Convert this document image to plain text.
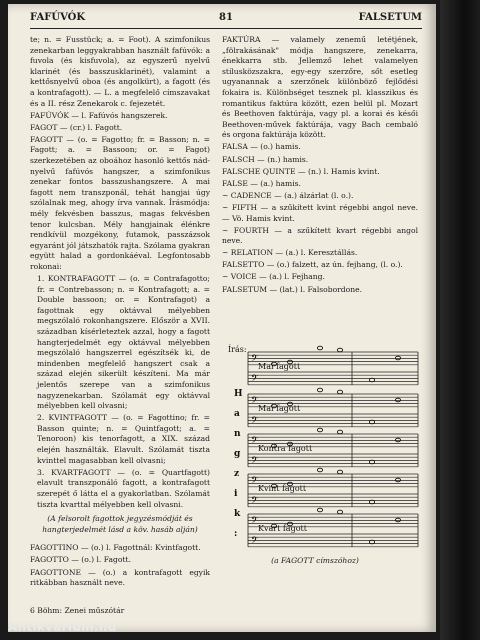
FAFÚVÓK	81	FALSETUM
te; n. = Fusstück; a. = Foot). A szimfonikus zenekarban leggyakrabban használt fafúvók: a fuvola (és kisfuvola), az egyszerű nyelvű klarinét (és basszusklarinét), valamint a kettősnyelvű oboa (és angolkürt), a fagott (és a kontrafagott). — L. a megfelelő címszavakat és a II. rész Zenekarok c. fejezetét.
FAFÚVÓK — l. Fafúvós hangszerek.
FAGOT — (cr.) l. Fagott.
FAGOTT — (o. = Fagotto; fr. = Basson; n. = Fagott; a. = Bassoon; or. = Fagot) szerkezetében az oboához hasonló kettős nád-nyelvű fafúvós hangszer, a szimfonikus zenekar fontos basszushangszere. A mai fagott nem transzponál, tehát hangjai úgy szólalnak meg, ahogy írva vannak. Írásmódja: mély fekvésben basszus, magas fekvésben tenor kulcsban. Mély hangjainak élénkre rendkívül mozgékony, futamok, passzázsok egyaránt jól játszhatók rajta. Szólama gyakran együtt halad a gordonkáéval. Legfontosabb rokonai:
1. KONTRAFAGOTT — (o. = Contrafagotto; fr. = Contrebasson; n. = Kontrafagott; a. = Double bassoon; or. = Kontrafagot) a fagottnak egy oktávval mélyebben megszólaló rokonhangszere. Először a XVII. században kísérleteztek azzal, hogy a fagott hangterjedelmét egy oktávval mélyebben megszólaló hangszerrel egészítsék ki, de mindenben megfelelő hangszert csak a század elején sikerült készíteni. Ma már jelentős szerepe van a szimfonikus nagyzenekarban. Szólamát egy oktávval mélyebben kell olvasni;
2. KVINTFAGOTT — (o. = Fagottino; fr. = Basson quinte; n. = Quintfagott; a. = Tenoroon) kis tenorfagott, a XIX. század elején használták. Elavult. Szólamát tiszta kvinttel magasabban kell olvasni;
3. KVARTFAGOTT — (o. = Quartfagott) elavult transzponáló fagott, a kontrafagott szerepét ő látta el a gyakorlatban. Szólamát tiszta kvarttal mélyebben kell olvasni.
(A felsorolt fagottok jegyzésmódját és hangterjedelmét lásd a köv. hasáb alján)
FAGOTTINO — (o.) l. Fagottnál: Kvintfagott.
FAGOTTO — (o.) l. Fagott.
FAGOTTONE — (o.) a kontrafagott egyik ritkábban használt neve.
FAKTÚRA — valamely zenemű letétjének, „fölrakásának" módja hangszere, zenekarra, énekkarra stb. Jellemző lehet valamelyen stílusközszakra, egy-egy szerzőre, sőt esetleg ugyanannak a szerzőnek különböző fejlődési fokaira is. Különbséget tesznek pl. klasszikus és romantikus faktúra között, ezen belül pl. Mozart és Beethoven faktúrája, vagy pl. a korai és késői Beethoven-művek faktúrája, vagy Bach cembaló és orgona faktúrája között.
FALSA — (o.) hamis.
FALSCH — (n.) hamis.
FALSCHE QUINTE — (n.) l. Hamis kvint.
FALSE — (a.) hamis.
~ CADENCE — (a.) álzárlat (l. o.).
~ FIFTH — a szűkített kvint régebbi angol neve. — Vö. Hamis kvint.
~ FOURTH — a szűkített kvart régebbi angol neve.
~ RELATION — (a.) l. Keresztállás.
FALSETTO — (o.) falzett, az ún. fejhang, (l. o.).
~ VOICE — (a.) l. Fejhang.
FALSETUM — (lat.) l. Falsobordone.
H
a
n
g
z
i
k
:
Írás:
𝄢
𝄢
Mai fagott
𝄢
𝄢
Mai fagott
𝄢
𝄢
Kontra fagott
𝄢
𝄢
Kvint fagott
𝄢
𝄢
Kvart fagott
(a FAGOTT címszóhoz)
6 Böhm: Zenei műszótár
Antikvarium.hu
